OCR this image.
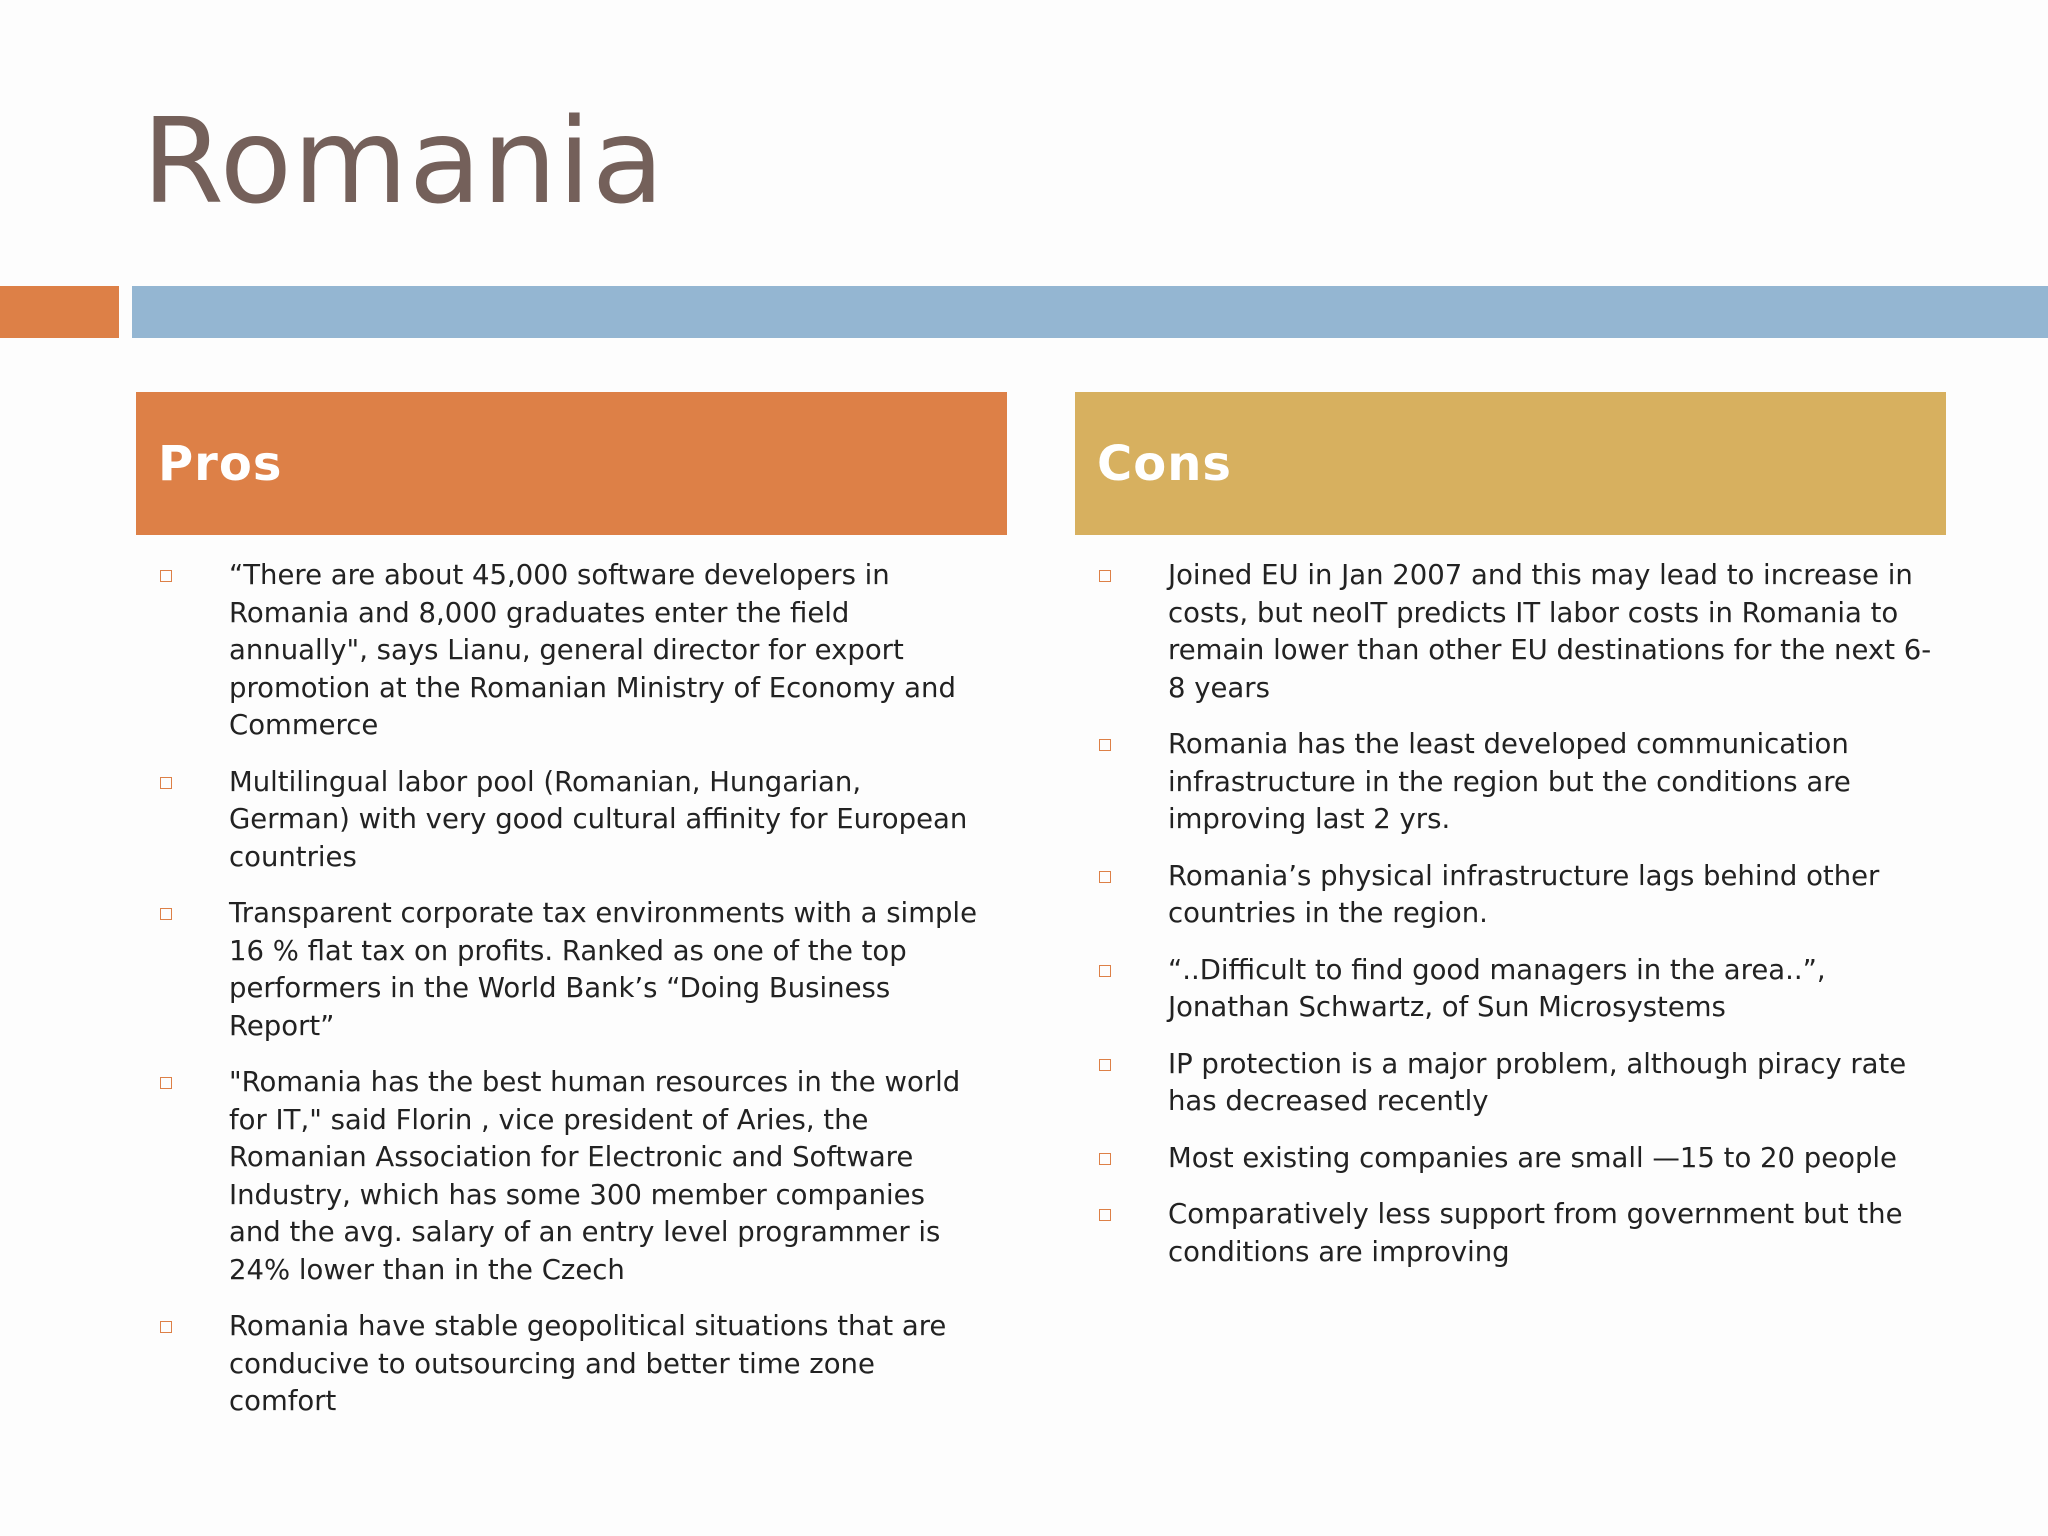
Romania
Pros
“There are about 45,000 software developers in Romania and 8,000 graduates enter the field annually", says Lianu, general director for export promotion at the Romanian Ministry of Economy and Commerce
Multilingual labor pool (Romanian, Hungarian, German) with very good cultural affinity for European countries
Transparent corporate tax environments with a simple 16 % flat tax on profits. Ranked as one of the top performers in the World Bank’s “Doing Business Report”
"Romania has the best human resources in the world for IT," said Florin , vice president of Aries, the Romanian Association for Electronic and Software Industry, which has some 300 member companies and the avg. salary of an entry level programmer is 24% lower than in the Czech
Romania have stable geopolitical situations that are conducive to outsourcing and better time zone comfort
Cons
Joined EU in Jan 2007 and this may lead to increase in costs, but neoIT predicts IT labor costs in Romania to remain lower than other EU destinations for the next 6-8 years
Romania has the least developed communication infrastructure in the region but the conditions are improving last 2 yrs.
Romania’s physical infrastructure lags behind other countries in the region.
“..Difficult to find good managers in the area..”, Jonathan Schwartz, of Sun Microsystems
IP protection is a major problem, although piracy rate has decreased recently
Most existing companies are small —15 to 20 people
Comparatively less support from government but the conditions are improving
